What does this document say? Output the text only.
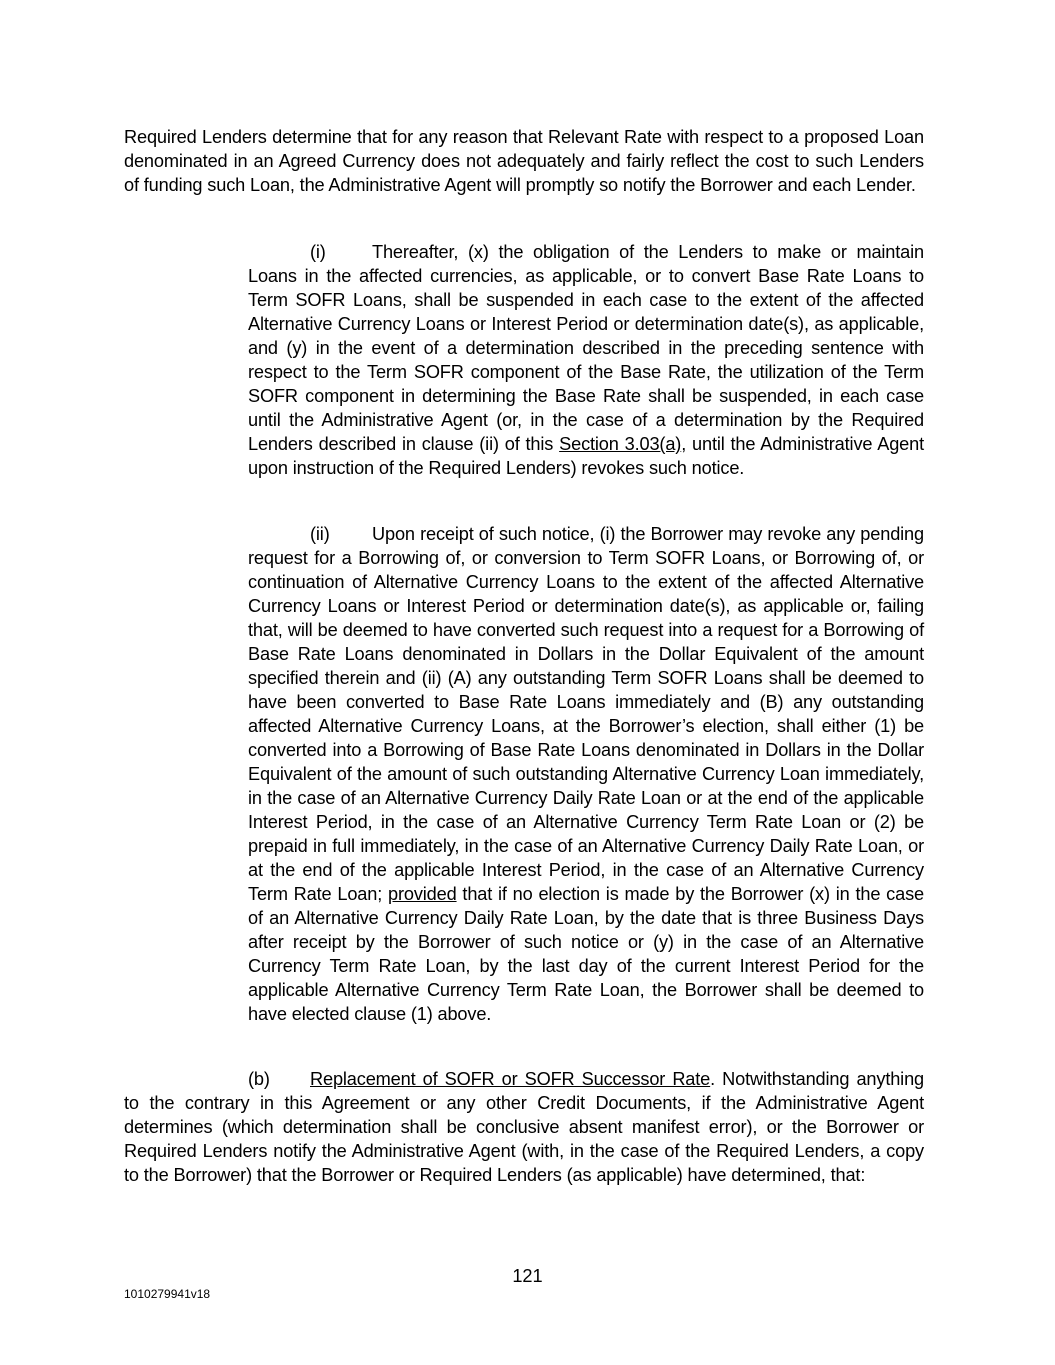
Required Lenders determine that for any reason that Relevant Rate with respect to a proposed Loan denominated in an Agreed Currency does not adequately and fairly reflect the cost to such Lenders of funding such Loan, the Administrative Agent will promptly so notify the Borrower and each Lender.

(i)	Thereafter, (x) the obligation of the Lenders to make or maintain Loans in the affected currencies, as applicable, or to convert Base Rate Loans to Term SOFR Loans, shall be suspended in each case to the extent of the affected Alternative Currency Loans or Interest Period or determination date(s), as applicable, and (y) in the event of a determination described in the preceding sentence with respect to the Term SOFR component of the Base Rate, the utilization of the Term SOFR component in determining the Base Rate shall be suspended, in each case until the Administrative Agent (or, in the case of a determination by the Required Lenders described in clause (ii) of this Section 3.03(a), until the Administrative Agent upon instruction of the Required Lenders) revokes such notice.

(ii) Upon receipt of such notice, (i) the Borrower may revoke any pending request for a Borrowing of, or conversion to Term SOFR Loans, or Borrowing of, or continuation of Alternative Currency Loans to the extent of the affected Alternative Currency Loans or Interest Period or determination date(s), as applicable or, failing that, will be deemed to have converted such request into a request for a Borrowing of Base Rate Loans denominated in Dollars in the Dollar Equivalent of the amount specified therein and (ii) (A) any outstanding Term SOFR Loans shall be deemed to have been converted to Base Rate Loans immediately and (B) any outstanding affected Alternative Currency Loans, at the Borrower’s election, shall either (1) be converted into a Borrowing of Base Rate Loans denominated in Dollars in the Dollar Equivalent of the amount of such outstanding Alternative Currency Loan immediately, in the case of an Alternative Currency Daily Rate Loan or at the end of the applicable Interest Period, in the case of an Alternative Currency Term Rate Loan or (2) be prepaid in full immediately, in the case of an Alternative Currency Daily Rate Loan, or at the end of the applicable Interest Period, in the case of an Alternative Currency Term Rate Loan; provided that if no election is made by the Borrower (x) in the case of an Alternative Currency Daily Rate Loan, by the date that is three Business Days after receipt by the Borrower of such notice or (y) in the case of an Alternative Currency Term Rate Loan, by the last day of the current Interest Period for the applicable Alternative Currency Term Rate Loan, the Borrower shall be deemed to have elected clause (1) above.

(b) Replacement of SOFR or SOFR Successor Rate. Notwithstanding anything to the contrary in this Agreement or any other Credit Documents, if the Administrative Agent determines (which determination shall be conclusive absent manifest error), or the Borrower or Required Lenders notify the Administrative Agent (with, in the case of the Required Lenders, a copy to the Borrower) that the Borrower or Required Lenders (as applicable) have determined, that:

121
1010279941v18
